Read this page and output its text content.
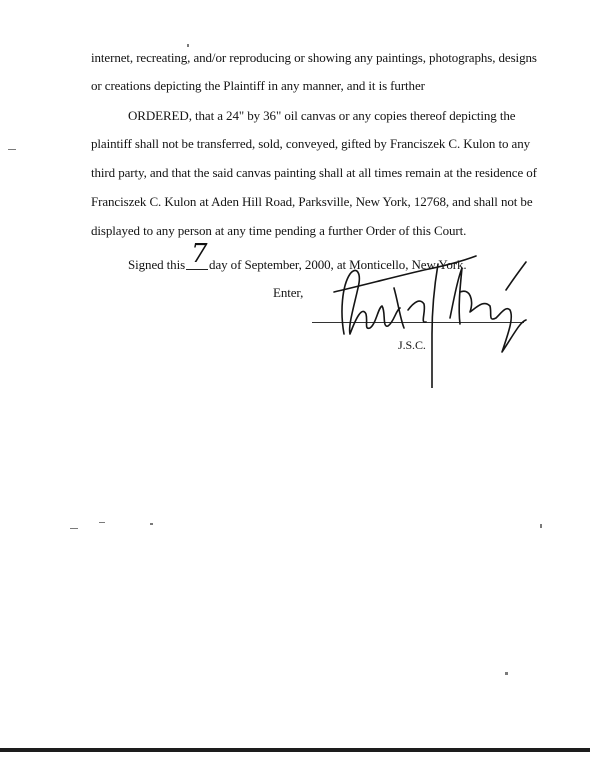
internet, recreating, and/or reproducing or showing any paintings, photographs, designs
or creations depicting the Plaintiff in any manner, and it is further
ORDERED, that a 24" by 36" oil canvas or any copies thereof depicting the
plaintiff shall not be transferred, sold, conveyed, gifted by Franciszek C. Kulon to any
third party, and that the said canvas painting shall at all times remain at the residence of
Franciszek C. Kulon at Aden Hill Road, Parksville, New York, 12768, and shall not be
displayed to any person at any time pending a further Order of this Court.
Signed this 7 day of September, 2000, at Monticello, New York.
Enter,
J.S.C.
